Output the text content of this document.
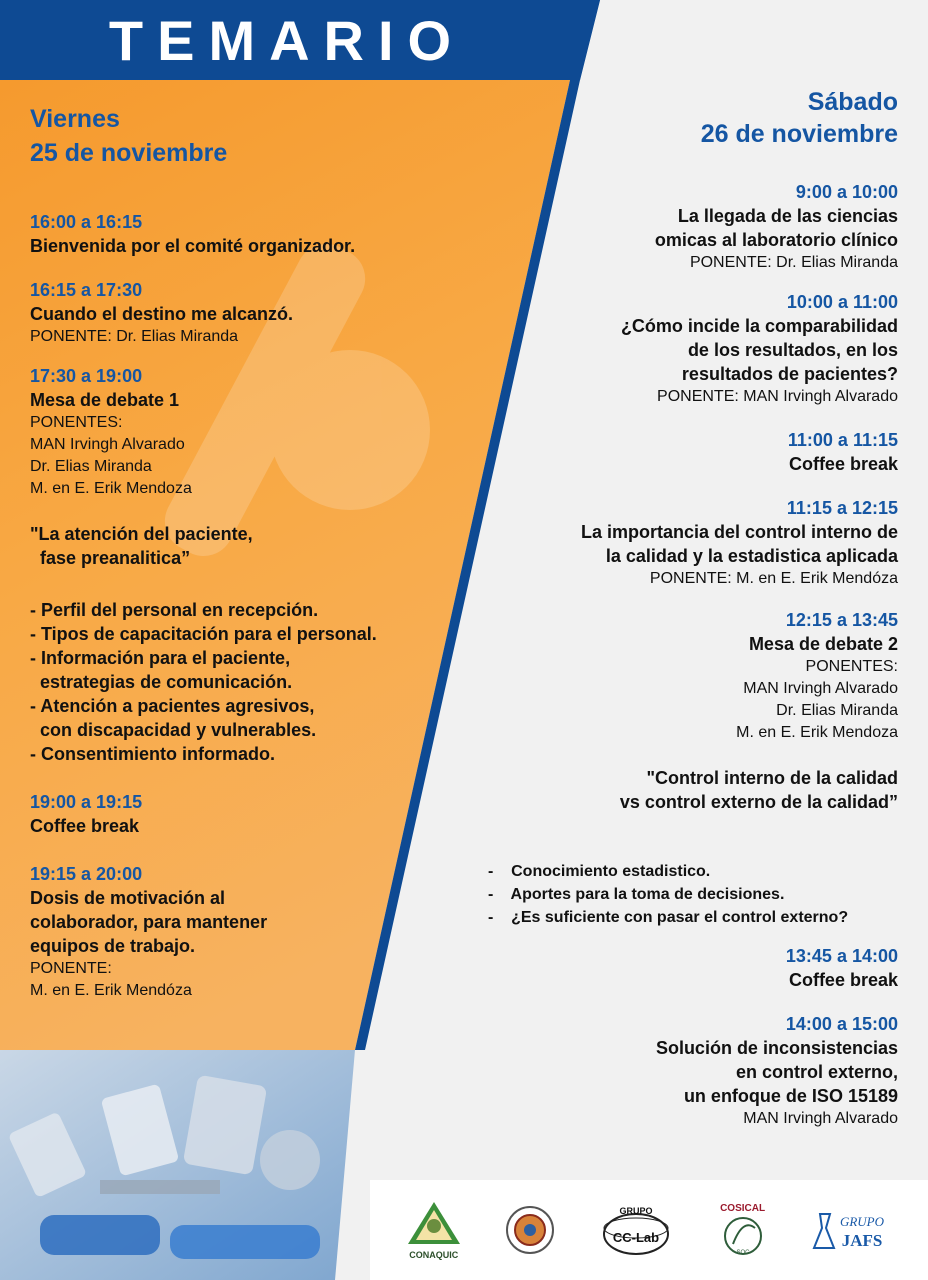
TEMARIO
Viernes
25 de noviembre
16:00 a 16:15
Bienvenida por el comité organizador.
16:15 a 17:30
Cuando el destino me alcanzó.
PONENTE: Dr. Elias Miranda
17:30 a 19:00
Mesa de debate 1
PONENTES:
MAN Irvingh Alvarado
Dr. Elias Miranda
M. en E. Erik Mendoza
"La atención del paciente,
fase preanalitica”
- Perfil del personal en recepción.
- Tipos de capacitación para el personal.
- Información para el paciente,
estrategias de comunicación.
- Atención a pacientes agresivos,
con discapacidad y vulnerables.
- Consentimiento informado.
19:00 a 19:15
Coffee break
19:15 a 20:00
Dosis de motivación al
colaborador, para mantener
equipos de trabajo.
PONENTE:
M. en E. Erik Mendóza
Sábado
26 de noviembre
9:00 a 10:00
La llegada de las ciencias
omicas al laboratorio clínico
PONENTE: Dr. Elias Miranda
10:00 a 11:00
¿Cómo incide la comparabilidad
de los resultados, en los
resultados de pacientes?
PONENTE: MAN Irvingh Alvarado
11:00 a 11:15
Coffee break
11:15 a 12:15
La importancia del control interno de
la calidad y la estadistica aplicada
PONENTE: M. en E. Erik Mendóza
12:15 a 13:45
Mesa de debate 2
PONENTES:
MAN Irvingh Alvarado
Dr. Elias Miranda
M. en E. Erik Mendoza
"Control interno de la calidad
vs control externo de la calidad”
-    Conocimiento estadistico.
-    Aportes para la toma de decisiones.
-    ¿Es suficiente con pasar el control externo?
13:45 a 14:00
Coffee break
14:00 a 15:00
Solución de inconsistencias
en control externo,
un enfoque de ISO 15189
MAN Irvingh Alvarado
CONAQUIC
GRUPO
CC-Lab
COSICAL
SOC
GRUPO
JAFS
